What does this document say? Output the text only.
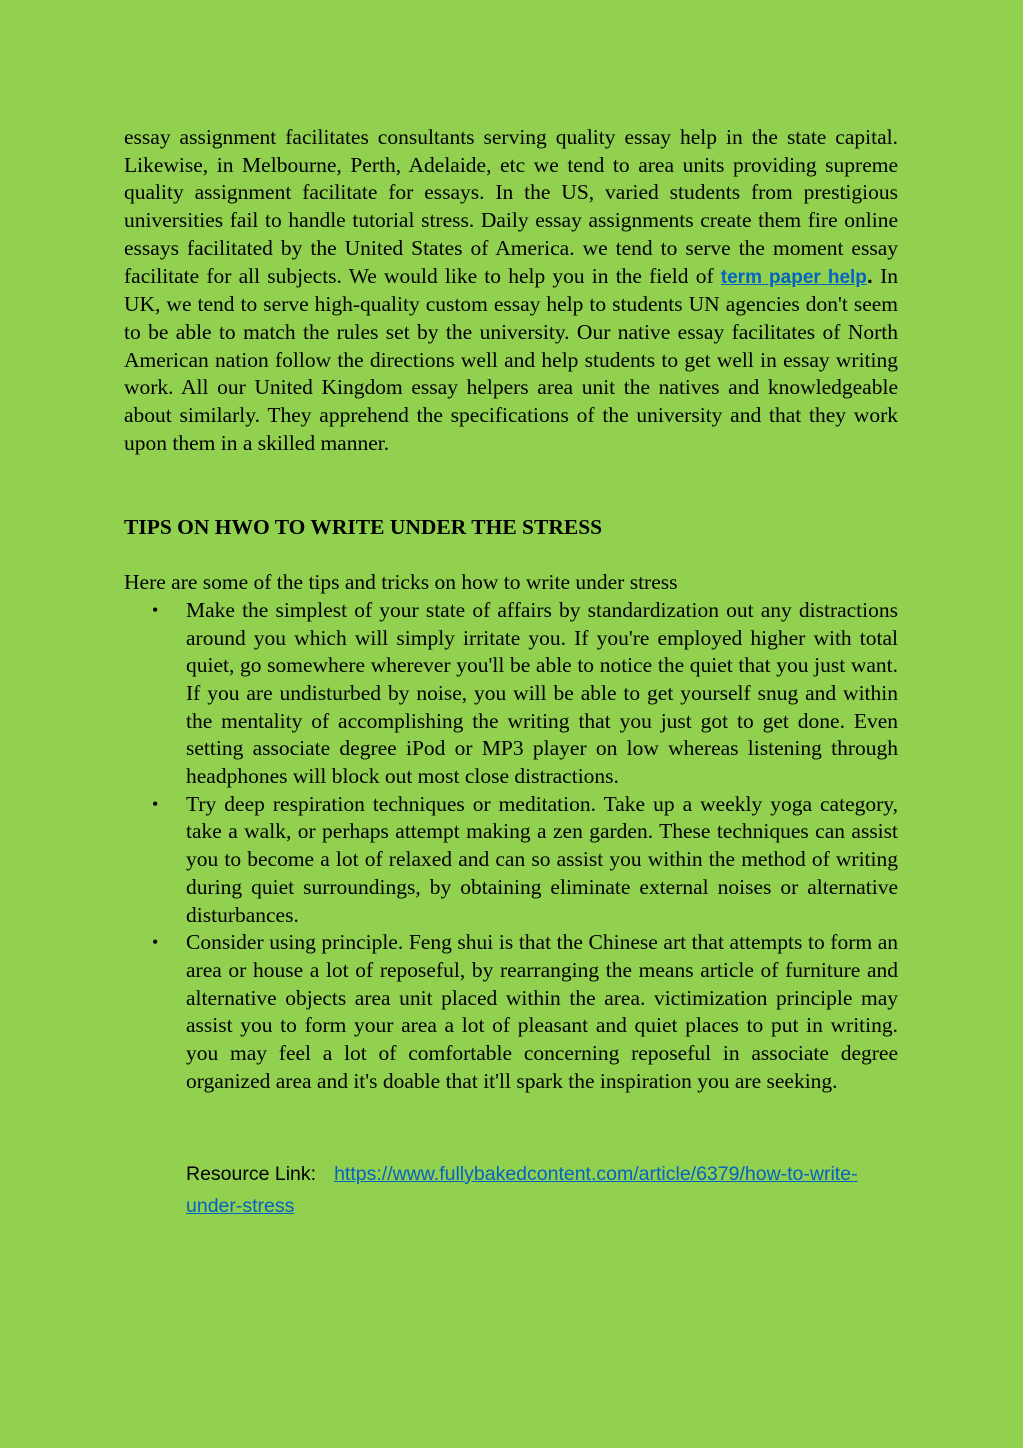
essay assignment facilitates consultants serving quality essay help in the state capital. Likewise, in Melbourne, Perth, Adelaide, etc we tend to area units providing supreme quality assignment facilitate for essays. In the US, varied students from prestigious universities fail to handle tutorial stress. Daily essay assignments create them fire online essays facilitated by the United States of America. we tend to serve the moment essay facilitate for all subjects. We would like to help you in the field of term paper help. In UK, we tend to serve high-quality custom essay help to students UN agencies don't seem to be able to match the rules set by the university. Our native essay facilitates of North American nation follow the directions well and help students to get well in essay writing work. All our United Kingdom essay helpers area unit the natives and knowledgeable about similarly. They apprehend the specifications of the university and that they work upon them in a skilled manner.

TIPS ON HWO TO WRITE UNDER THE STRESS

Here are some of the tips and tricks on how to write under stress

• Make the simplest of your state of affairs by standardization out any distractions around you which will simply irritate you. If you're employed higher with total quiet, go somewhere wherever you'll be able to notice the quiet that you just want. If you are undisturbed by noise, you will be able to get yourself snug and within the mentality of accomplishing the writing that you just got to get done. Even setting associate degree iPod or MP3 player on low whereas listening through headphones will block out most close distractions.
• Try deep respiration techniques or meditation. Take up a weekly yoga category, take a walk, or perhaps attempt making a zen garden. These techniques can assist you to become a lot of relaxed and can so assist you within the method of writing during quiet surroundings, by obtaining eliminate external noises or alternative disturbances.
• Consider using principle. Feng shui is that the Chinese art that attempts to form an area or house a lot of reposeful, by rearranging the means article of furniture and alternative objects area unit placed within the area. victimization principle may assist you to form your area a lot of pleasant and quiet places to put in writing. you may feel a lot of comfortable concerning reposeful in associate degree organized area and it's doable that it'll spark the inspiration you are seeking.
Resource Link: https://www.fullybakedcontent.com/article/6379/how-to-write-under-stress
